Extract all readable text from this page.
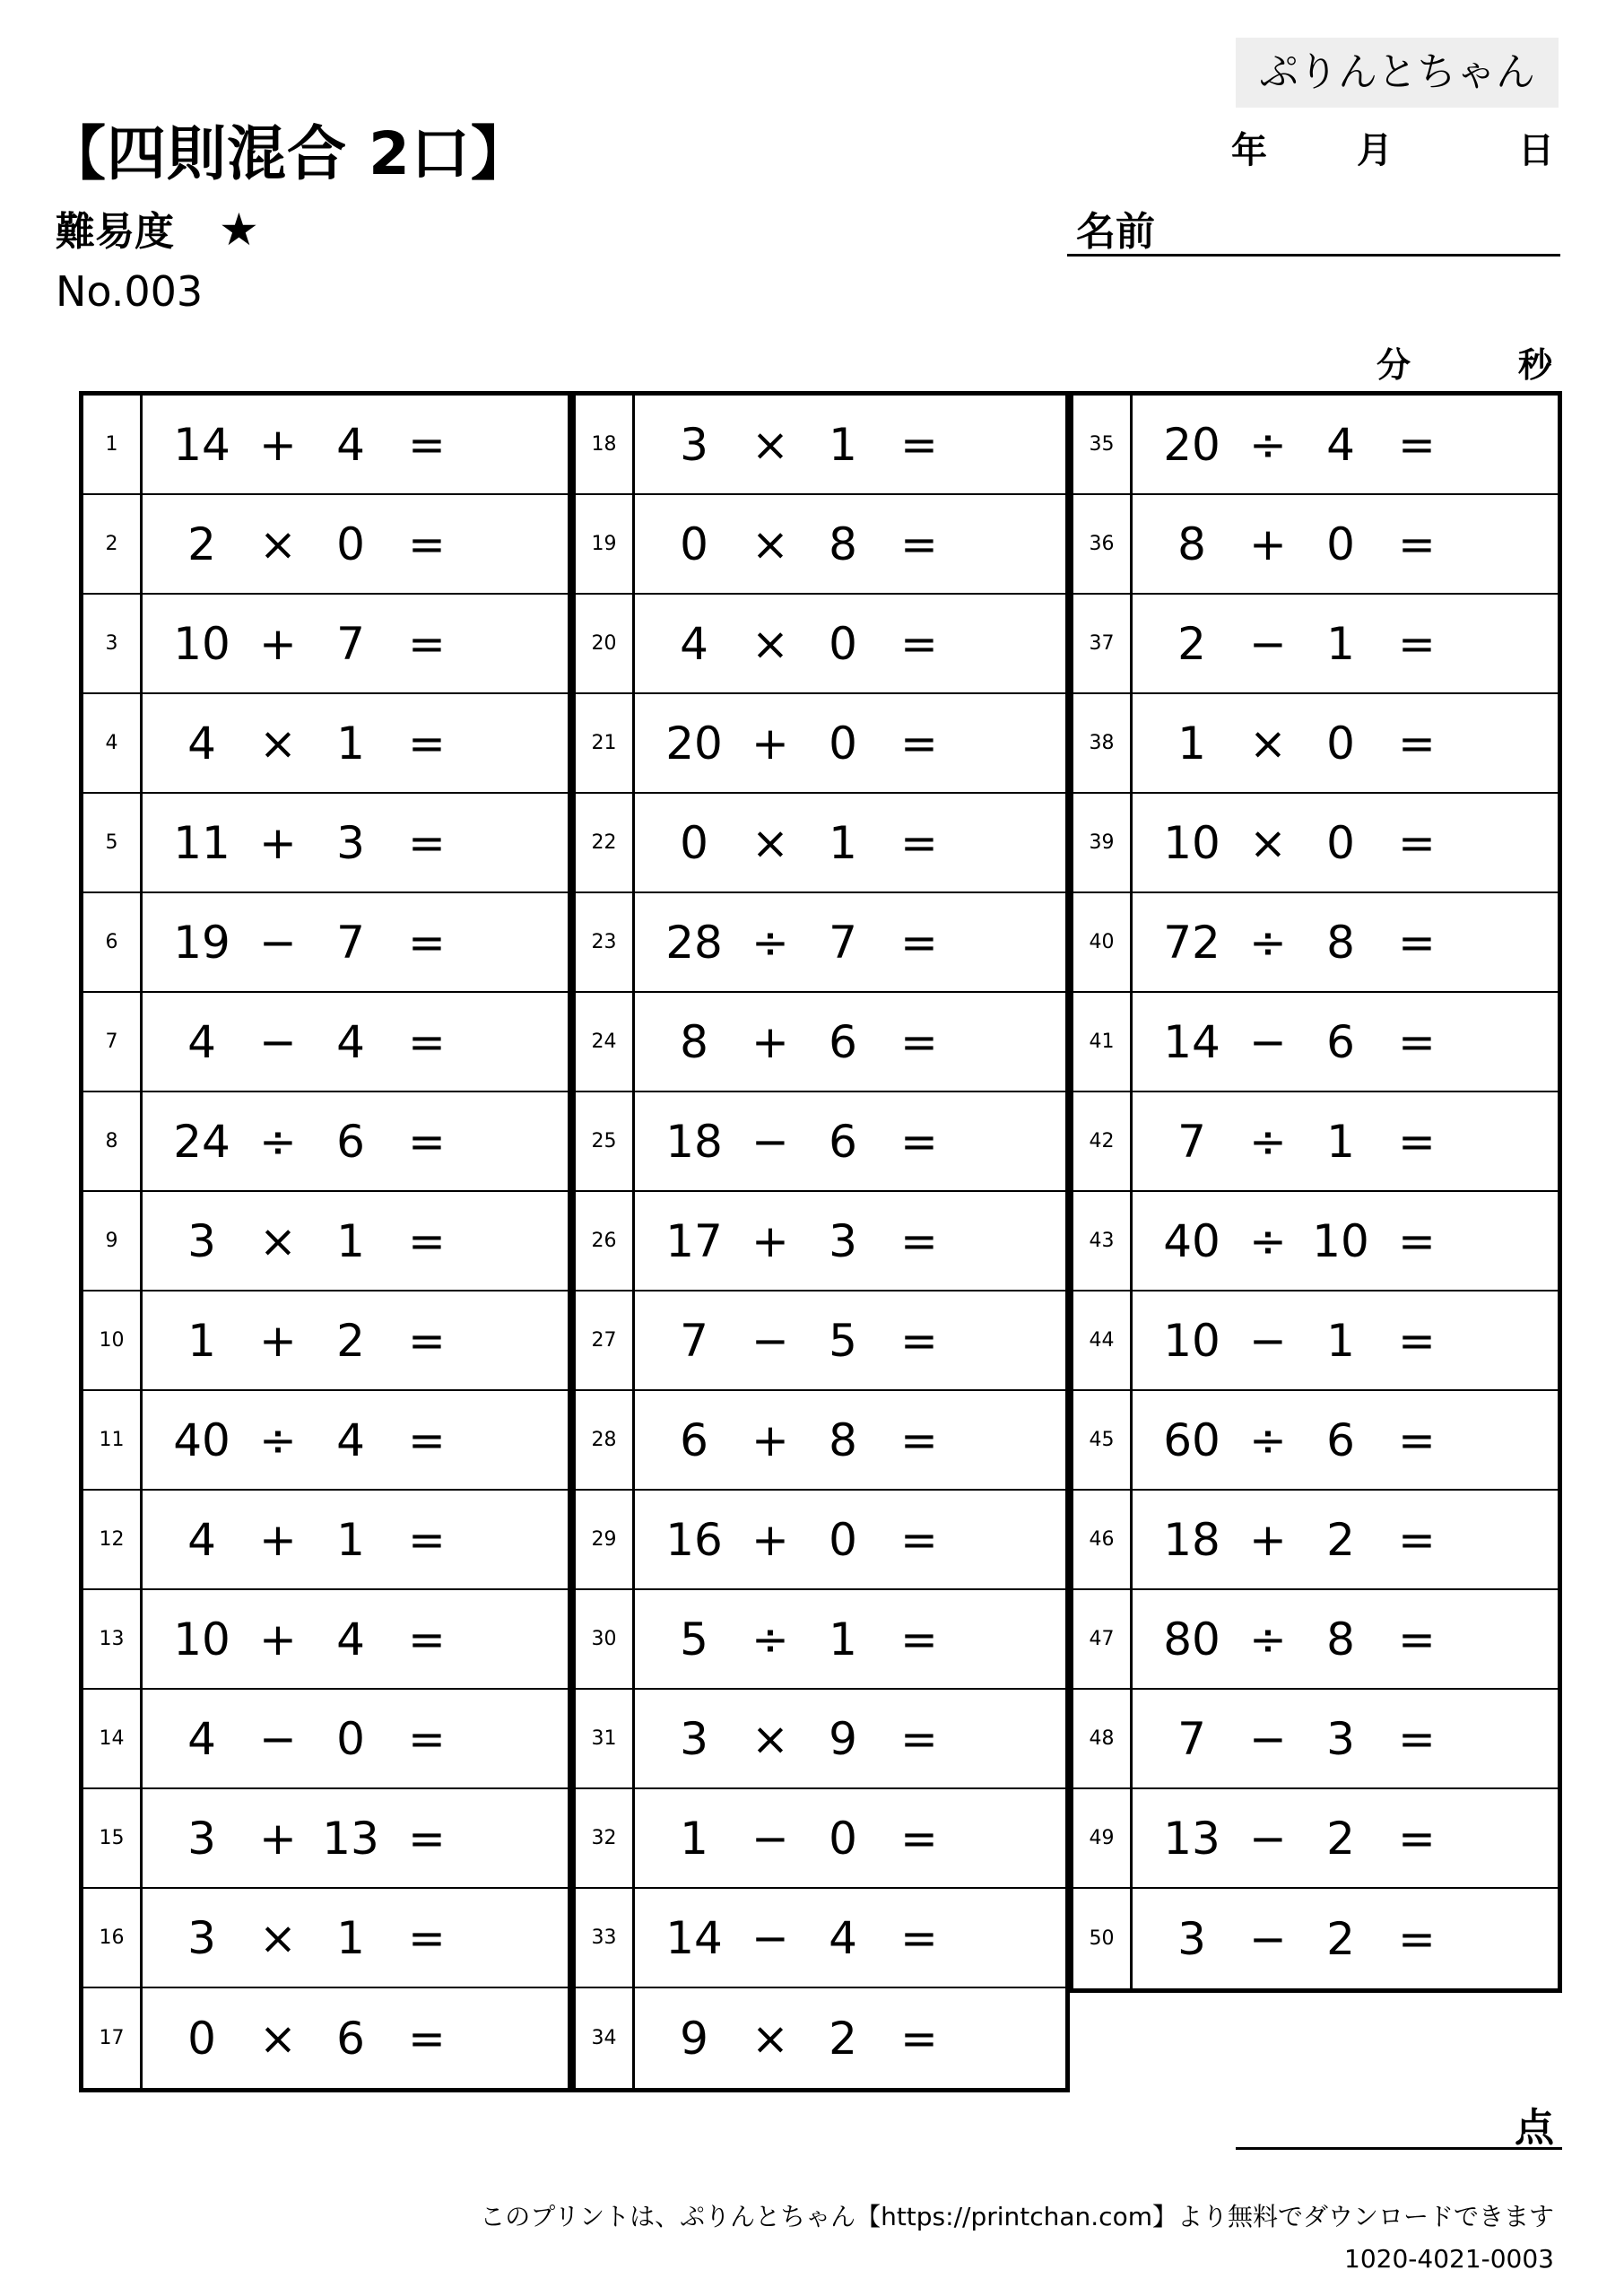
ぷりんとちゃん
【四則混合 2口】	年	月	日
難易度 ★	名前
No.003
分	秒
1	14 + 4 =
2	2 × 0 =
3	10 + 7 =
4	4 × 1 =
5	11 + 3 =
6	19 − 7 =
7	4 − 4 =
8	24 ÷ 6 =
9	3 × 1 =
10	1 + 2 =
11	40 ÷ 4 =
12	4 + 1 =
13	10 + 4 =
14	4 − 0 =
15	3 + 13 =
16	3 × 1 =
17	0 × 6 =
18	3 × 1 =
19	0 × 8 =
20	4 × 0 =
21	20 + 0 =
22	0 × 1 =
23	28 ÷ 7 =
24	8 + 6 =
25	18 − 6 =
26	17 + 3 =
27	7 − 5 =
28	6 + 8 =
29	16 + 0 =
30	5 ÷ 1 =
31	3 × 9 =
32	1 − 0 =
33	14 − 4 =
34	9 × 2 =
35	20 ÷ 4 =
36	8 + 0 =
37	2 − 1 =
38	1 × 0 =
39	10 × 0 =
40	72 ÷ 8 =
41	14 − 6 =
42	7 ÷ 1 =
43	40 ÷ 10 =
44	10 − 1 =
45	60 ÷ 6 =
46	18 + 2 =
47	80 ÷ 8 =
48	7 − 3 =
49	13 − 2 =
50	3 − 2 =
点
このプリントは、ぷりんとちゃん【https://printchan.com】より無料でダウンロードできます
1020-4021-0003
